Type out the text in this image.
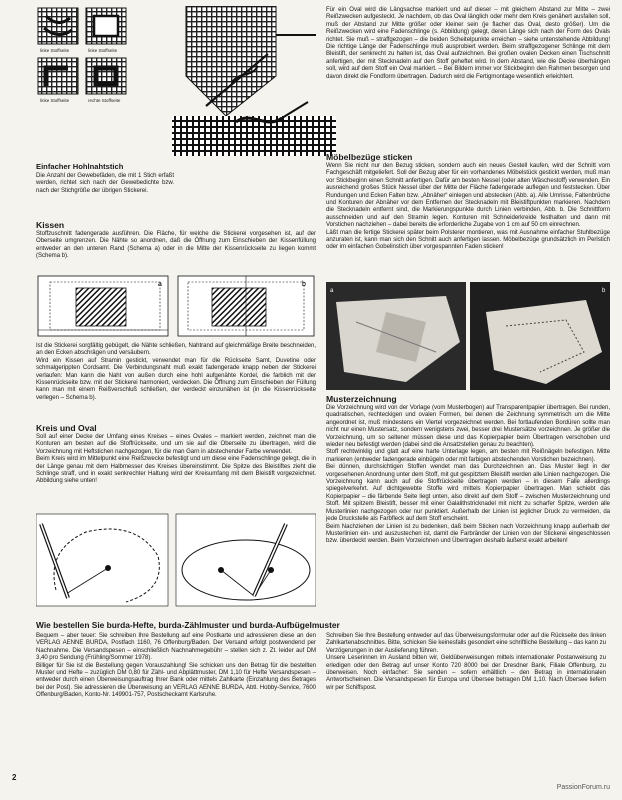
linke Stoffseite	linke Stoffseite
linke Stoffseite	rechte Stoffseite
Einfacher Hohlnahtstich

Die Anzahl der Gewebefäden, die mit 1 Stich erfaßt werden, richtet sich nach der Gewebedichte bzw. nach der Stichgröße der übrigen Stickerei.

Kissen

Stoffzuschnitt fadengerade ausführen. Die Fläche, für welche die Stickerei vorgesehen ist, auf der Oberseite umgrenzen. Die Nähte so anordnen, daß die Öffnung zum Einschieben der Kissenfüllung entweder an den unteren Rand (Schema a) oder in die Mitte der Kissenrückseite zu liegen kommt (Schema b).

a	b

Ist die Stickerei sorgfältig gebügelt, die Nähte schließen, Nahtrand auf gleichmäßige Breite beschneiden, an den Ecken abschrägen und versäubern.

Wird ein Kissen auf Stramin gestickt, verwendet man für die Rückseite Samt, Duvetine oder schmalgerippten Cordsamt. Die Verbindungsnaht muß exakt fadengerade knapp neben der Stickerei verlaufen: Man kann die Naht von außen durch eine hohl aufgenähte Kordel, die farblich mit der Kissenrückseite bzw. mit der Stickerei harmoniert, verdecken. Die Öffnung zum Einschieben der Füllung kann man mit einem Reißverschluß schließen, der verdeckt einzunähen ist (in die Kissenrückseite verlegen – Schema b).

Kreis und Oval

Soll auf einer Decke der Umfang eines Kreises – eines Ovales – markiert werden, zeichnet man die Konturen am besten auf die Stoffrückseite, und um sie auf die Oberseite zu übertragen, wird die Vorzeichnung mit Heftstichen nachgezogen, für die man Garn in abstechender Farbe verwendet.

Beim Kreis wird im Mittelpunkt eine Reißzwecke befestigt und um diese eine Fadenschlinge gelegt, die in der Länge genau mit dem Halbmesser des Kreises übereinstimmt. Die Spitze des Bleistiftes zieht die Schlinge straff, und in exakt senkrechter Haltung wird der Kreisumfang mit dem Bleistift vorgezeichnet. Abbildung siehe unten!

Für ein Oval wird die Längsachse markiert und auf dieser – mit gleichem Abstand zur Mitte – zwei Reißzwecken aufgesteckt. Je nachdem, ob das Oval länglich oder mehr dem Kreis genähert ausfallen soll, muß der Abstand zur Mitte größer oder kleiner sein (je flacher das Oval, desto größer). Um die Reißzwecken wird eine Fadenschlinge (s. Abbildung) gelegt, deren Länge sich nach der Form des Ovals richtet. Sie muß – straffgezogen – die beiden Scheitelpunkte erreichen – siehe untenstehende Abbildung! Die richtige Länge der Fadenschlinge muß ausprobiert werden. Beim straffgezogener Schlinge mit dem Bleistift, der senkrecht zu halten ist, das Oval aufzeichnen. Bei großen ovalen Decken einen Tischschnitt anfertigen, der mit Stecknadeln auf den Stoff geheftet wird. In dem Abstand, wie die Decke überhängen soll, wird auf dem Stoff ein Oval markiert. – Bei Bildern immer vor Stickbeginn den Rahmen besorgen und davon direkt die Fondform übertragen. Dadurch wird die Fertigmontage wesentlich erleichtert.

Möbelbezüge sticken

Wenn Sie nicht nur den Bezug sticken, sondern auch ein neues Gestell kaufen, wird der Schnitt vom Fachgeschäft mitgeliefert. Soll der Bezug aber für ein vorhandenes Möbelstück gestickt werden, muß man vor Stickbeginn einen Schnitt anfertigen. Dafür am besten Nessel (oder alten Wäschestoff) verwenden. Ein ausreichend großes Stück Nessel über der Mitte der Fläche fadengerade auflegen und feststecken. Über Rundungen und Ecken Falten bzw. „Abnäher“ einlegen und abstecken (Abb. a). Alle Umrisse, Faltenbrüche und Konturen der Abnäher vor dem Entfernen der Stecknadeln mit Bleistiftpunkten markieren. Nachdem die Stecknadeln entfernt sind, die Markierungspunkte durch Linien verbinden, Abb. b. Die Schnittform ausschneiden und auf den Stramin legen. Konturen mit Schneiderkreide festhalten und dann mit Vorstichen nachziehen – dabei bereits die erforderliche Zugabe von 1 cm auf 50 cm einrechnen.

Läßt man die fertige Stickerei später beim Polsterer montieren, was mit Ausnahme einfacher Stuhlbezüge anzuraten ist, kann man sich den Schnitt auch anfertigen lassen. Möbelbezüge grundsätzlich im Perlstich oder im einfachen Gobelinstich über vorgespannten Faden sticken!

a	b
Musterzeichnung

Die Vorzeichnung wird von der Vorlage (vom Musterbogen) auf Transparentpapier übertragen. Bei runden, quadratischen, rechteckigen und ovalen Formen, bei denen die Zeichnung symmetrisch um die Mitte angeordnet ist, muß mindestens ein Viertel vorgezeichnet werden. Bei fortlaufenden Bordüren sollte man nicht nur einen Mustersatz, sondern wenigstens zwei, besser drei Mustersätze vorzeichnen. Je größer die Vorzeichnung, um so seltener müssen diese und das Kopierpapier beim Übertragen verschoben und wieder neu befestigt werden (dabei sind die Ansatzstellen genau zu beachten).

Stoff rechtwinklig und glatt auf eine harte Unterlage legen, am besten mit Reißnägeln befestigen. Mitte markieren (entweder fadengerade einbügeln oder mit farbigen abstechenden Vorstichen bezeichnen).

Bei dünnen, durchsichtigen Stoffen wendet man das Durchzeichnen an. Das Muster liegt in der vorgesehenen Anordnung unter dem Stoff, mit gut gespitztem Bleistift werden alle Linien nachgezogen. Die Vorzeichnung kann auch auf die Stoffrückseite übertragen werden – in diesem Falle allerdings spiegelverkehrt. Auf dichtgewebte Stoffe wird mittels Kopierpapier übertragen. Man schiebt das Kopierpapier – die färbende Seite liegt unten, also direkt auf dem Stoff – zwischen Musterzeichnung und Stoff. Mit spitzem Bleistift, besser mit einer Galalithstricknadel mit nicht zu scharfer Spitze, werden alle Musterlinien nachgezogen oder nur punktiert. Außerhalb der Linien ist jeglicher Druck zu vermeiden, da jede Druckstelle als Farbfleck auf dem Stoff erscheint.

Beim Nachziehen der Linien ist zu bedenken, daß beim Sticken nach Vorzeichnung knapp außerhalb der Musterlinien ein- und auszustechen ist, damit die Farbränder der Linien von der Stickerei eingeschlossen bzw. überdeckt werden. Beim Vorzeichnen und Übertragen deshalb äußerst exakt arbeiten!

Wie bestellen Sie burda-Hefte, burda-Zählmuster und burda-Aufbügelmuster

Bequem – aber teuer: Sie schreiben Ihre Bestellung auf eine Postkarte und adressieren diese an den VERLAG AENNE BURDA, Postfach 1160, 76 Offenburg/Baden. Der Versand erfolgt postwendend per Nachnahme. Die Versandspesen – einschließlich Nachnahmegebühr – stellen sich z. Zt. leider auf DM 3,40 pro Sendung (Frühling/Sommer 1978).

Billiger für Sie ist die Bestellung gegen Vorauszahlung! Sie schicken uns den Betrag für die bestellten Muster und Hefte – zuzüglich DM 0,80 für Zähl- und Abplättmuster, DM 1,10 für Hefte Versandspesen – entweder durch einen Überweisungsauftrag Ihrer Bank oder mittels Zahlkarte (Einzahlung des Betrages bei der Post). Sie adressieren die Überweisung an VERLAG AENNE BURDA, Abtl. Hobby-Service, 7600 Offenburg/Baden, Konto-Nr. 149901-757, Postscheckamt Karlsruhe.

Schreiben Sie Ihre Bestellung entweder auf das Überweisungsformular oder auf die Rückseite des linken Zahlkartenabschnittes. Bitte, schicken Sie keinesfalls gesondert eine schriftliche Bestellung – das kann zu Verzögerungen in der Auslieferung führen.

Unsere Leserinnen im Ausland bitten wir, Geldüberweisungen mittels internationaler Postanweisung zu erledigen oder den Betrag auf unser Konto 720 8000 bei der Dresdner Bank, Filiale Offenburg, zu überweisen. Noch einfacher: Sie senden – sofern erhältlich – den Betrag in internationalen Antwortscheinen. Die Versandspesen für Europa und Übersee betragen DM 1,10. Nach Übersee liefern wir per Schiffspost.

2
PassionForum.ru
